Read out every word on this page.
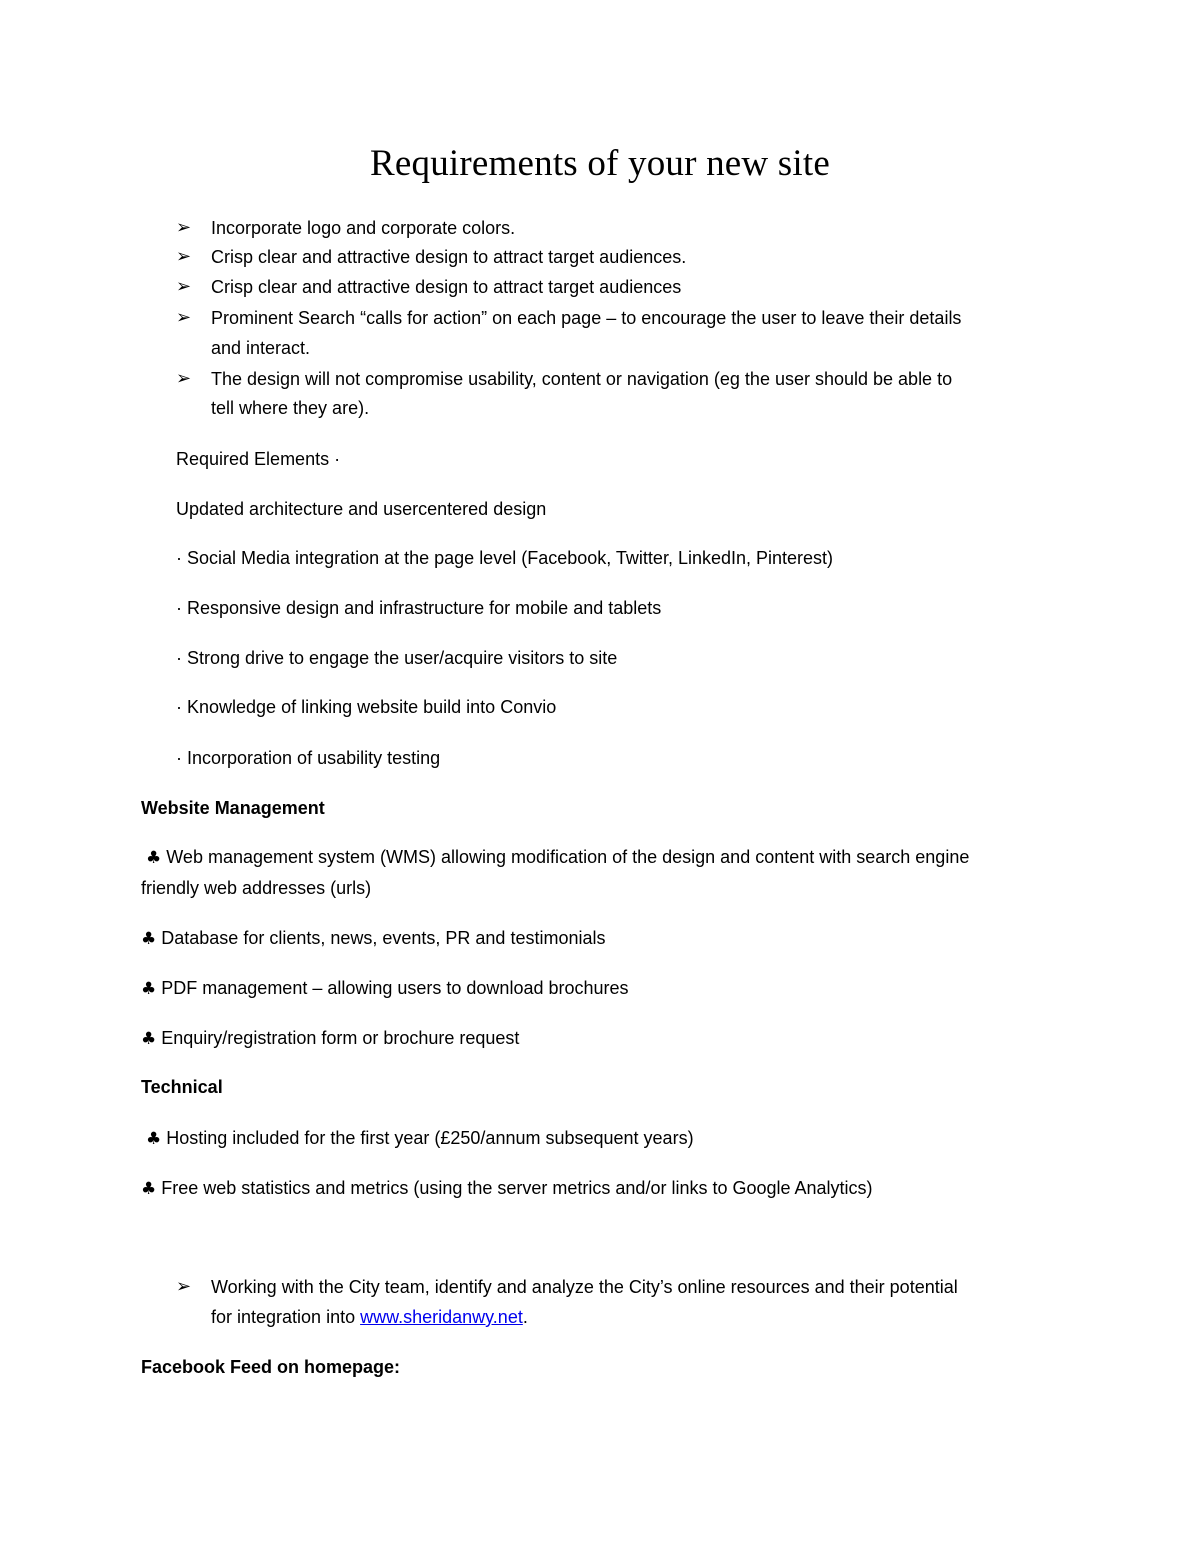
Requirements of your new site
➢ Incorporate logo and corporate colors.
➢ Crisp clear and attractive design to attract target audiences.
➢ Crisp clear and attractive design to attract target audiences
➢ Prominent Search “calls for action” on each page – to encourage the user to leave their details
and interact.
➢ The design will not compromise usability, content or navigation (eg the user should be able to
tell where they are).
Required Elements ·
Updated architecture and usercentered design
· Social Media integration at the page level (Facebook, Twitter, LinkedIn, Pinterest)
· Responsive design and infrastructure for mobile and tablets
· Strong drive to engage the user/acquire visitors to site
· Knowledge of linking website build into Convio
· Incorporation of usability testing
Website Management
♣ Web management system (WMS) allowing modification of the design and content with search engine
friendly web addresses (urls)
♣ Database for clients, news, events, PR and testimonials
♣ PDF management – allowing users to download brochures
♣ Enquiry/registration form or brochure request
Technical
♣ Hosting included for the first year (£250/annum subsequent years)
♣ Free web statistics and metrics (using the server metrics and/or links to Google Analytics)
➢ Working with the City team, identify and analyze the City’s online resources and their potential
for integration into www.sheridanwy.net.
Facebook Feed on homepage:
